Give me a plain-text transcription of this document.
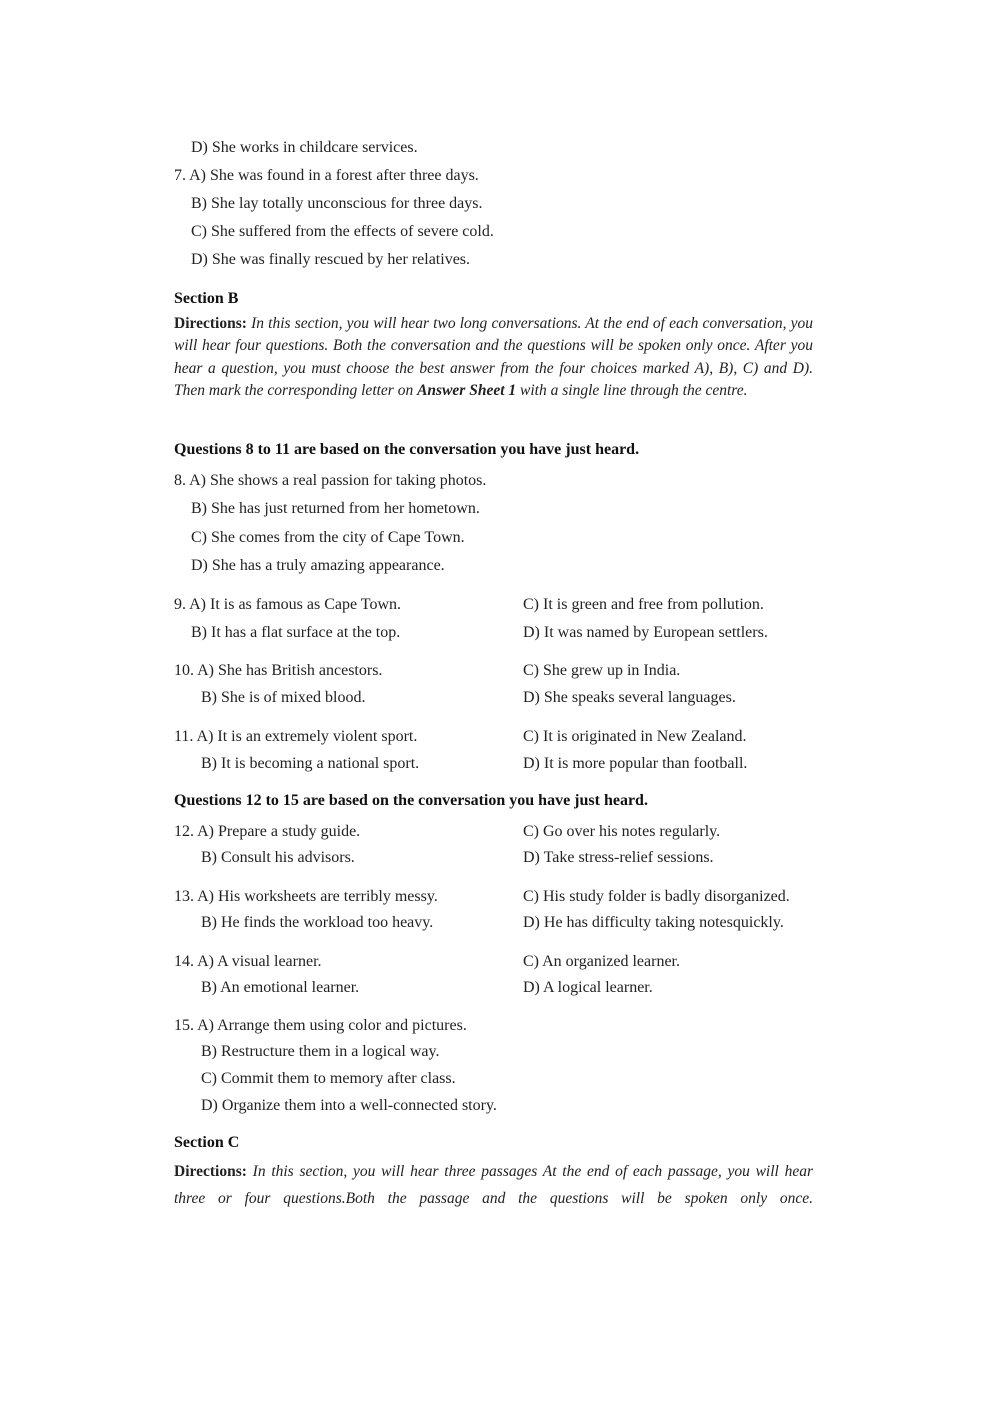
D) She works in childcare services.
7. A) She was found in a forest after three days.
B) She lay totally unconscious for three days.
C) She suffered from the effects of severe cold.
D) She was finally rescued by her relatives.
Section B
Directions: In this section, you will hear two long conversations. At the end of each conversation, you will hear four questions. Both the conversation and the questions will be spoken only once. After you hear a question, you must choose the best answer from the four choices marked A), B), C) and D). Then mark the corresponding letter on Answer Sheet 1 with a single line through the centre.
Questions 8 to 11 are based on the conversation you have just heard.
8. A) She shows a real passion for taking photos.
B) She has just returned from her hometown.
C) She comes from the city of Cape Town.
D) She has a truly amazing appearance.
9. A) It is as famous as Cape Town.
B) It has a flat surface at the top.
C) It is green and free from pollution.
D) It was named by European settlers.
10. A) She has British ancestors.
B) She is of mixed blood.
C) She grew up in India.
D) She speaks several languages.
11. A) It is an extremely violent sport.
B) It is becoming a national sport.
C) It is originated in New Zealand.
D) It is more popular than football.
Questions 12 to 15 are based on the conversation you have just heard.
12. A) Prepare a study guide.
B) Consult his advisors.
C) Go over his notes regularly.
D) Take stress-relief sessions.
13. A) His worksheets are terribly messy.
B) He finds the workload too heavy.
C) His study folder is badly disorganized.
D) He has difficulty taking notesquickly.
14. A) A visual learner.
B) An emotional learner.
C) An organized learner.
D) A logical learner.
15. A) Arrange them using color and pictures.
B) Restructure them in a logical way.
C) Commit them to memory after class.
D) Organize them into a well-connected story.
Section C
Directions: In this section, you will hear three passages At the end of each passage, you will hear three or four questions.Both the passage and the questions will be spoken only once.
